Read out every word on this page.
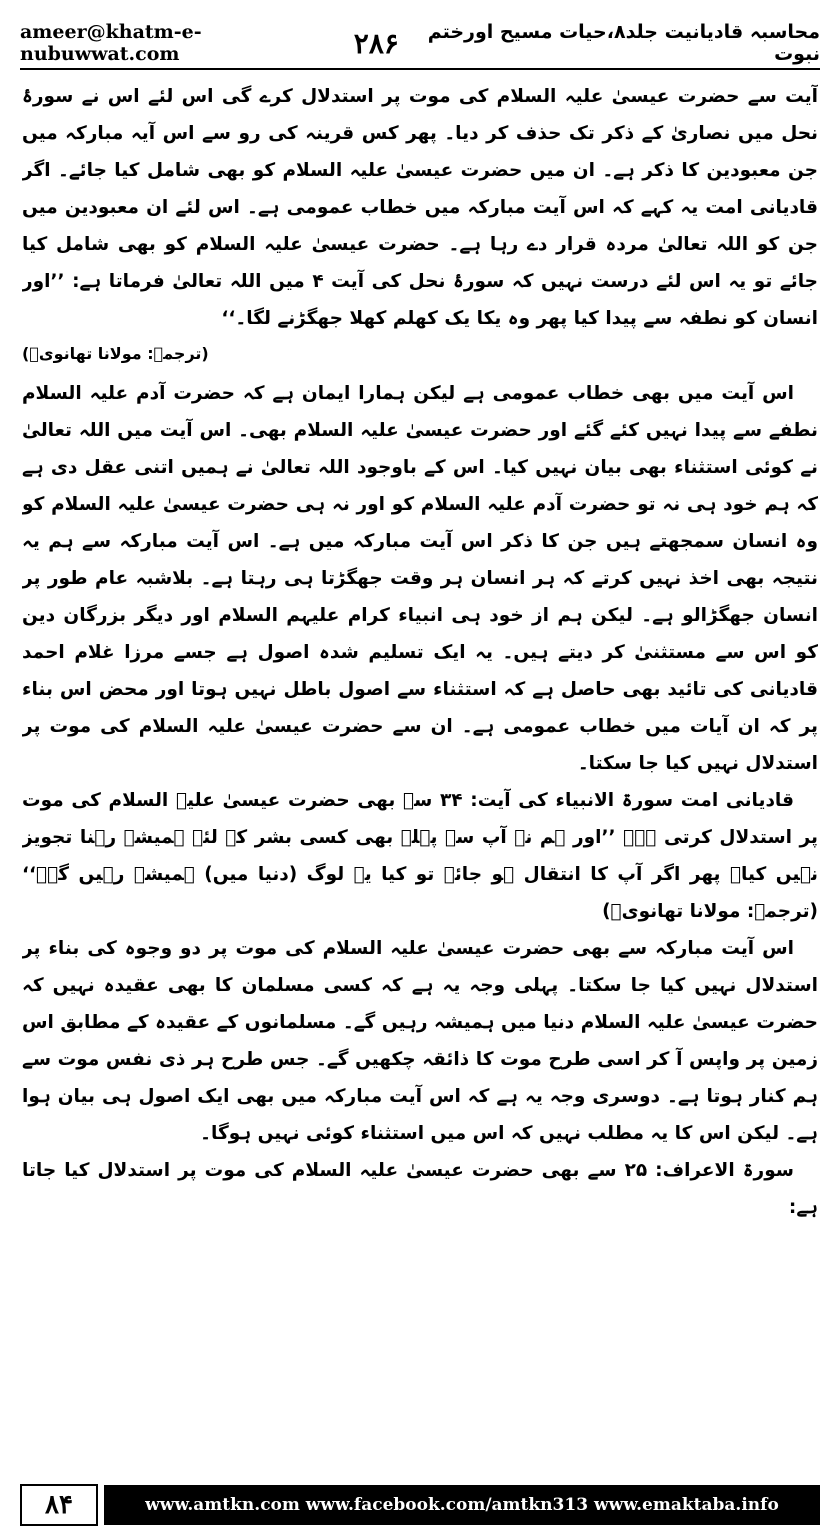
ameer@khatm-e-nubuwwat.com	۲۸۶	محاسبہ قادیانیت جلد۸،حیات مسیح اورختم نبوت

آیت سے حضرت عیسیٰ علیہ السلام کی موت پر استدلال کرے گی اس لئے اس نے سورۂ نحل میں نصاریٰ کے ذکر تک حذف کر دیا۔ پھر کس قرینہ کی رو سے اس آیہ مبارکہ میں جن معبودین کا ذکر ہے۔ ان میں حضرت عیسیٰ علیہ السلام کو بھی شامل کیا جائے۔ اگر قادیانی امت یہ کہے کہ اس آیت مبارکہ میں خطاب عمومی ہے۔ اس لئے ان معبودین میں جن کو اللہ تعالیٰ مردہ قرار دے رہا ہے۔ حضرت عیسیٰ علیہ السلام کو بھی شامل کیا جائے تو یہ اس لئے درست نہیں کہ سورۂ نحل کی آیت ۴ میں اللہ تعالیٰ فرماتا ہے: ’’اور انسان کو نطفہ سے پیدا کیا پھر وہ یکا یک کھلم کھلا جھگڑنے لگا۔‘‘

(ترجمہ: مولانا تھانویؒ)

اس آیت میں بھی خطاب عمومی ہے لیکن ہمارا ایمان ہے کہ حضرت آدم علیہ السلام نطفے سے پیدا نہیں کئے گئے اور حضرت عیسیٰ علیہ السلام بھی۔ اس آیت میں اللہ تعالیٰ نے کوئی استثناء بھی بیان نہیں کیا۔ اس کے باوجود اللہ تعالیٰ نے ہمیں اتنی عقل دی ہے کہ ہم خود ہی نہ تو حضرت آدم علیہ السلام کو اور نہ ہی حضرت عیسیٰ علیہ السلام کو وہ انسان سمجھتے ہیں جن کا ذکر اس آیت مبارکہ میں ہے۔ اس آیت مبارکہ سے ہم یہ نتیجہ بھی اخذ نہیں کرتے کہ ہر انسان ہر وقت جھگڑتا ہی رہتا ہے۔ بلاشبہ عام طور پر انسان جھگڑالو ہے۔ لیکن ہم از خود ہی انبیاء کرام علیہم السلام اور دیگر بزرگان دین کو اس سے مستثنیٰ کر دیتے ہیں۔ یہ ایک تسلیم شدہ اصول ہے جسے مرزا غلام احمد قادیانی کی تائید بھی حاصل ہے کہ استثناء سے اصول باطل نہیں ہوتا اور محض اس بناء پر کہ ان آیات میں خطاب عمومی ہے۔ ان سے حضرت عیسیٰ علیہ السلام کی موت پر استدلال نہیں کیا جا سکتا۔

قادیانی امت سورۃ الانبیاء کی آیت: ۳۴ سے بھی حضرت عیسیٰ علیہ السلام کی موت پر استدلال کرتی ہے۔ ’’اور ہم نے آپ سے پہلے بھی کسی بشر کے لئے ہمیشہ رہنا تجویز نہیں کیا۔ پھر اگر آپ کا انتقال ہو جائے تو کیا یہ لوگ (دنیا میں) ہمیشہ رہیں گے۔‘‘ (ترجمہ: مولانا تھانویؒ)

اس آیت مبارکہ سے بھی حضرت عیسیٰ علیہ السلام کی موت پر دو وجوہ کی بناء پر استدلال نہیں کیا جا سکتا۔ پہلی وجہ یہ ہے کہ کسی مسلمان کا بھی عقیدہ نہیں کہ حضرت عیسیٰ علیہ السلام دنیا میں ہمیشہ رہیں گے۔ مسلمانوں کے عقیدہ کے مطابق اس زمین پر واپس آ کر اسی طرح موت کا ذائقہ چکھیں گے۔ جس طرح ہر ذی نفس موت سے ہم کنار ہوتا ہے۔ دوسری وجہ یہ ہے کہ اس آیت مبارکہ میں بھی ایک اصول ہی بیان ہوا ہے۔ لیکن اس کا یہ مطلب نہیں کہ اس میں استثناء کوئی نہیں ہوگا۔

سورۃ الاعراف: ۲۵ سے بھی حضرت عیسیٰ علیہ السلام کی موت پر استدلال کیا جاتا ہے:

۸۴	www.amtkn.com www.facebook.com/amtkn313 www.emaktaba.info
